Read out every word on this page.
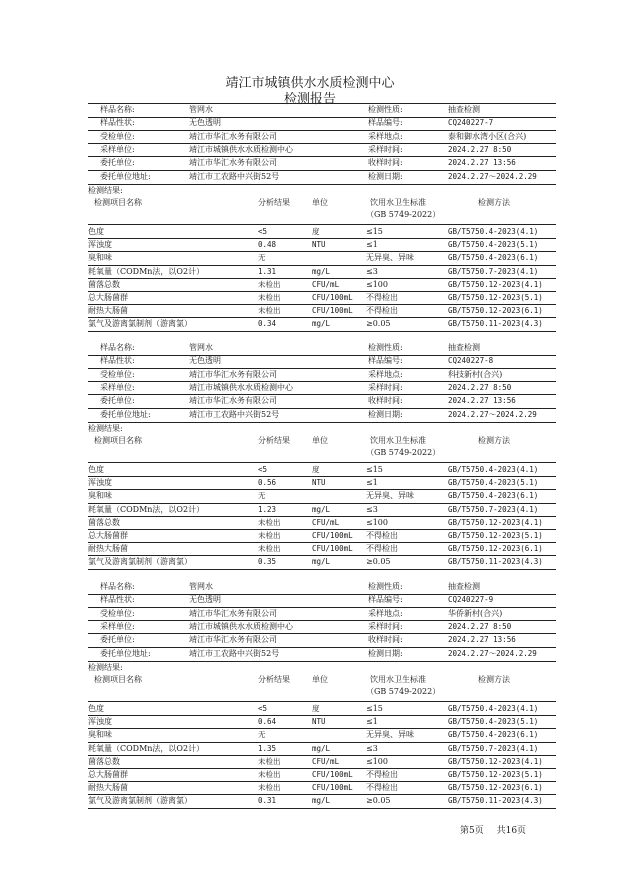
靖江市城镇供水水质检测中心
检测报告
样品名称:	管网水	检测性质:	抽查检测
样品性状:	无色透明	样品编号:	CQ240227-7
受检单位:	靖江市华汇水务有限公司	采样地点:	泰和御水湾小区(合兴)
采样单位:	靖江市城镇供水水质检测中心	采样时间:	2024.2.27 8:50
委托单位:	靖江市华汇水务有限公司	收样时间:	2024.2.27 13:56
委托单位地址:	靖江市工农路中兴街52号	检测日期:	2024.2.27～2024.2.29
检测结果:
检测项目名称	分析结果	单位	饮用水卫生标准
（GB 5749-2022）
检测方法
色度	<5	度	≤15	GB/T5750.4-2023(4.1)
浑浊度	0.48	NTU	≤1	GB/T5750.4-2023(5.1)
臭和味	无	无异臭、异味	GB/T5750.4-2023(6.1)
耗氧量（CODMn法，以O2计）	1.31	mg/L	≤3	GB/T5750.7-2023(4.1)
菌落总数	未检出	CFU/mL	≤100	GB/T5750.12-2023(4.1)
总大肠菌群	未检出	CFU/100mL 不得检出	GB/T5750.12-2023(5.1)
耐热大肠菌	未检出	CFU/100mL 不得检出	GB/T5750.12-2023(6.1)
氯气及游离氯制剂（游离氯）	0.34	mg/L	≥0.05	GB/T5750.11-2023(4.3)
样品名称:	管网水	检测性质:	抽查检测
样品性状:	无色透明	样品编号:	CQ240227-8
受检单位:	靖江市华汇水务有限公司	采样地点:	科技新村(合兴)
采样单位:	靖江市城镇供水水质检测中心	采样时间:	2024.2.27 8:50
委托单位:	靖江市华汇水务有限公司	收样时间:	2024.2.27 13:56
委托单位地址:	靖江市工农路中兴街52号	检测日期:	2024.2.27～2024.2.29
检测结果:
检测项目名称	分析结果	单位	饮用水卫生标准
（GB 5749-2022）
检测方法
色度	<5	度	≤15	GB/T5750.4-2023(4.1)
浑浊度	0.56	NTU	≤1	GB/T5750.4-2023(5.1)
臭和味	无	无异臭、异味	GB/T5750.4-2023(6.1)
耗氧量（CODMn法，以O2计）	1.23	mg/L	≤3	GB/T5750.7-2023(4.1)
菌落总数	未检出	CFU/mL	≤100	GB/T5750.12-2023(4.1)
总大肠菌群	未检出	CFU/100mL 不得检出	GB/T5750.12-2023(5.1)
耐热大肠菌	未检出	CFU/100mL 不得检出	GB/T5750.12-2023(6.1)
氯气及游离氯制剂（游离氯）	0.35	mg/L	≥0.05	GB/T5750.11-2023(4.3)
样品名称:	管网水	检测性质:	抽查检测
样品性状:	无色透明	样品编号:	CQ240227-9
受检单位:	靖江市华汇水务有限公司	采样地点:	华侨新村(合兴)
采样单位:	靖江市城镇供水水质检测中心	采样时间:	2024.2.27 8:50
委托单位:	靖江市华汇水务有限公司	收样时间:	2024.2.27 13:56
委托单位地址:	靖江市工农路中兴街52号	检测日期:	2024.2.27～2024.2.29
检测结果:
检测项目名称	分析结果	单位	饮用水卫生标准
（GB 5749-2022）
检测方法
色度	<5	度	≤15	GB/T5750.4-2023(4.1)
浑浊度	0.64	NTU	≤1	GB/T5750.4-2023(5.1)
臭和味	无	无异臭、异味	GB/T5750.4-2023(6.1)
耗氧量（CODMn法，以O2计）	1.35	mg/L	≤3	GB/T5750.7-2023(4.1)
菌落总数	未检出	CFU/mL	≤100	GB/T5750.12-2023(4.1)
总大肠菌群	未检出	CFU/100mL 不得检出	GB/T5750.12-2023(5.1)
耐热大肠菌	未检出	CFU/100mL 不得检出	GB/T5750.12-2023(6.1)
氯气及游离氯制剂（游离氯）	0.31	mg/L	≥0.05	GB/T5750.11-2023(4.3)
第5页 共16页
